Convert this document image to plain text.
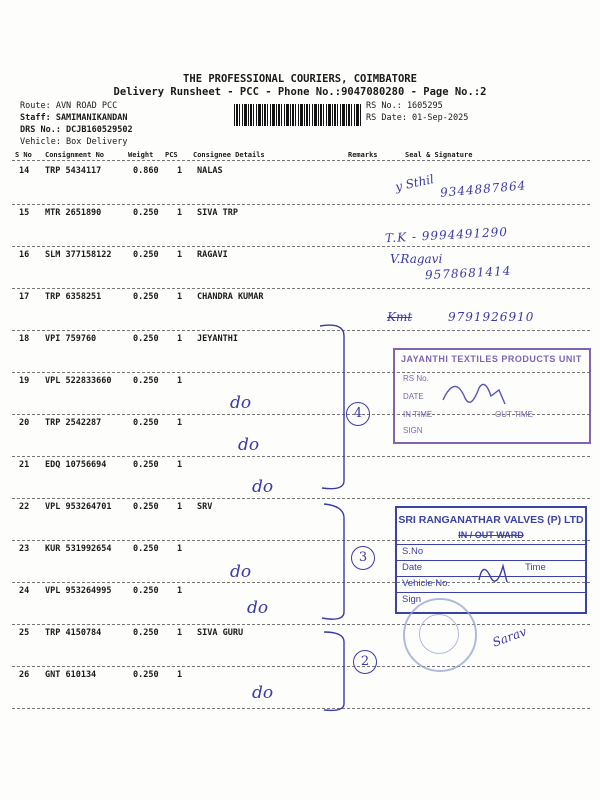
THE PROFESSIONAL COURIERS, COIMBATORE
Delivery Runsheet - PCC - Phone No.:9047080280 - Page No.:2
Route: AVN ROAD PCC
Staff: SAMIMANIKANDAN
DRS No.: DCJB160529502
Vehicle: Box Delivery
RS No.: 1605295
RS Date: 01-Sep-2025
S No Consignment No	Weight PCS Consignee Details	Remarks	Seal & Signature
14 TRP 5434117	0.860 1 NALAS
15 MTR 2651890	0.250 1 SIVA TRP
16 SLM 377158122	0.250 1 RAGAVI
17 TRP 6358251	0.250 1 CHANDRA KUMAR
18 VPI 759760	0.250 1 JEYANTHI
19 VPL 522833660	0.250 1
20 TRP 2542287	0.250 1
21 EDQ 10756694	0.250 1
22 VPL 953264701	0.250 1 SRV
23 KUR 531992654	0.250 1
24 VPL 953264995	0.250 1
25 TRP 4150784	0.250 1 SIVA GURU
26 GNT 610134	0.250 1
y Sthil 9344887864
T.K - 9994491290
V.Ragavi
9578681414
Kmt	9791926910
4
3
2
do
do
do
do
do
do
JAYANTHI TEXTILES PRODUCTS UNIT
RS No.
DATE
IN TIME	OUT TIME
SIGN
SRI RANGANATHAR VALVES (P) LTD
IN / OUT WARD
S.No
Date	Time
Vehicle No.
Sign
Sarav
